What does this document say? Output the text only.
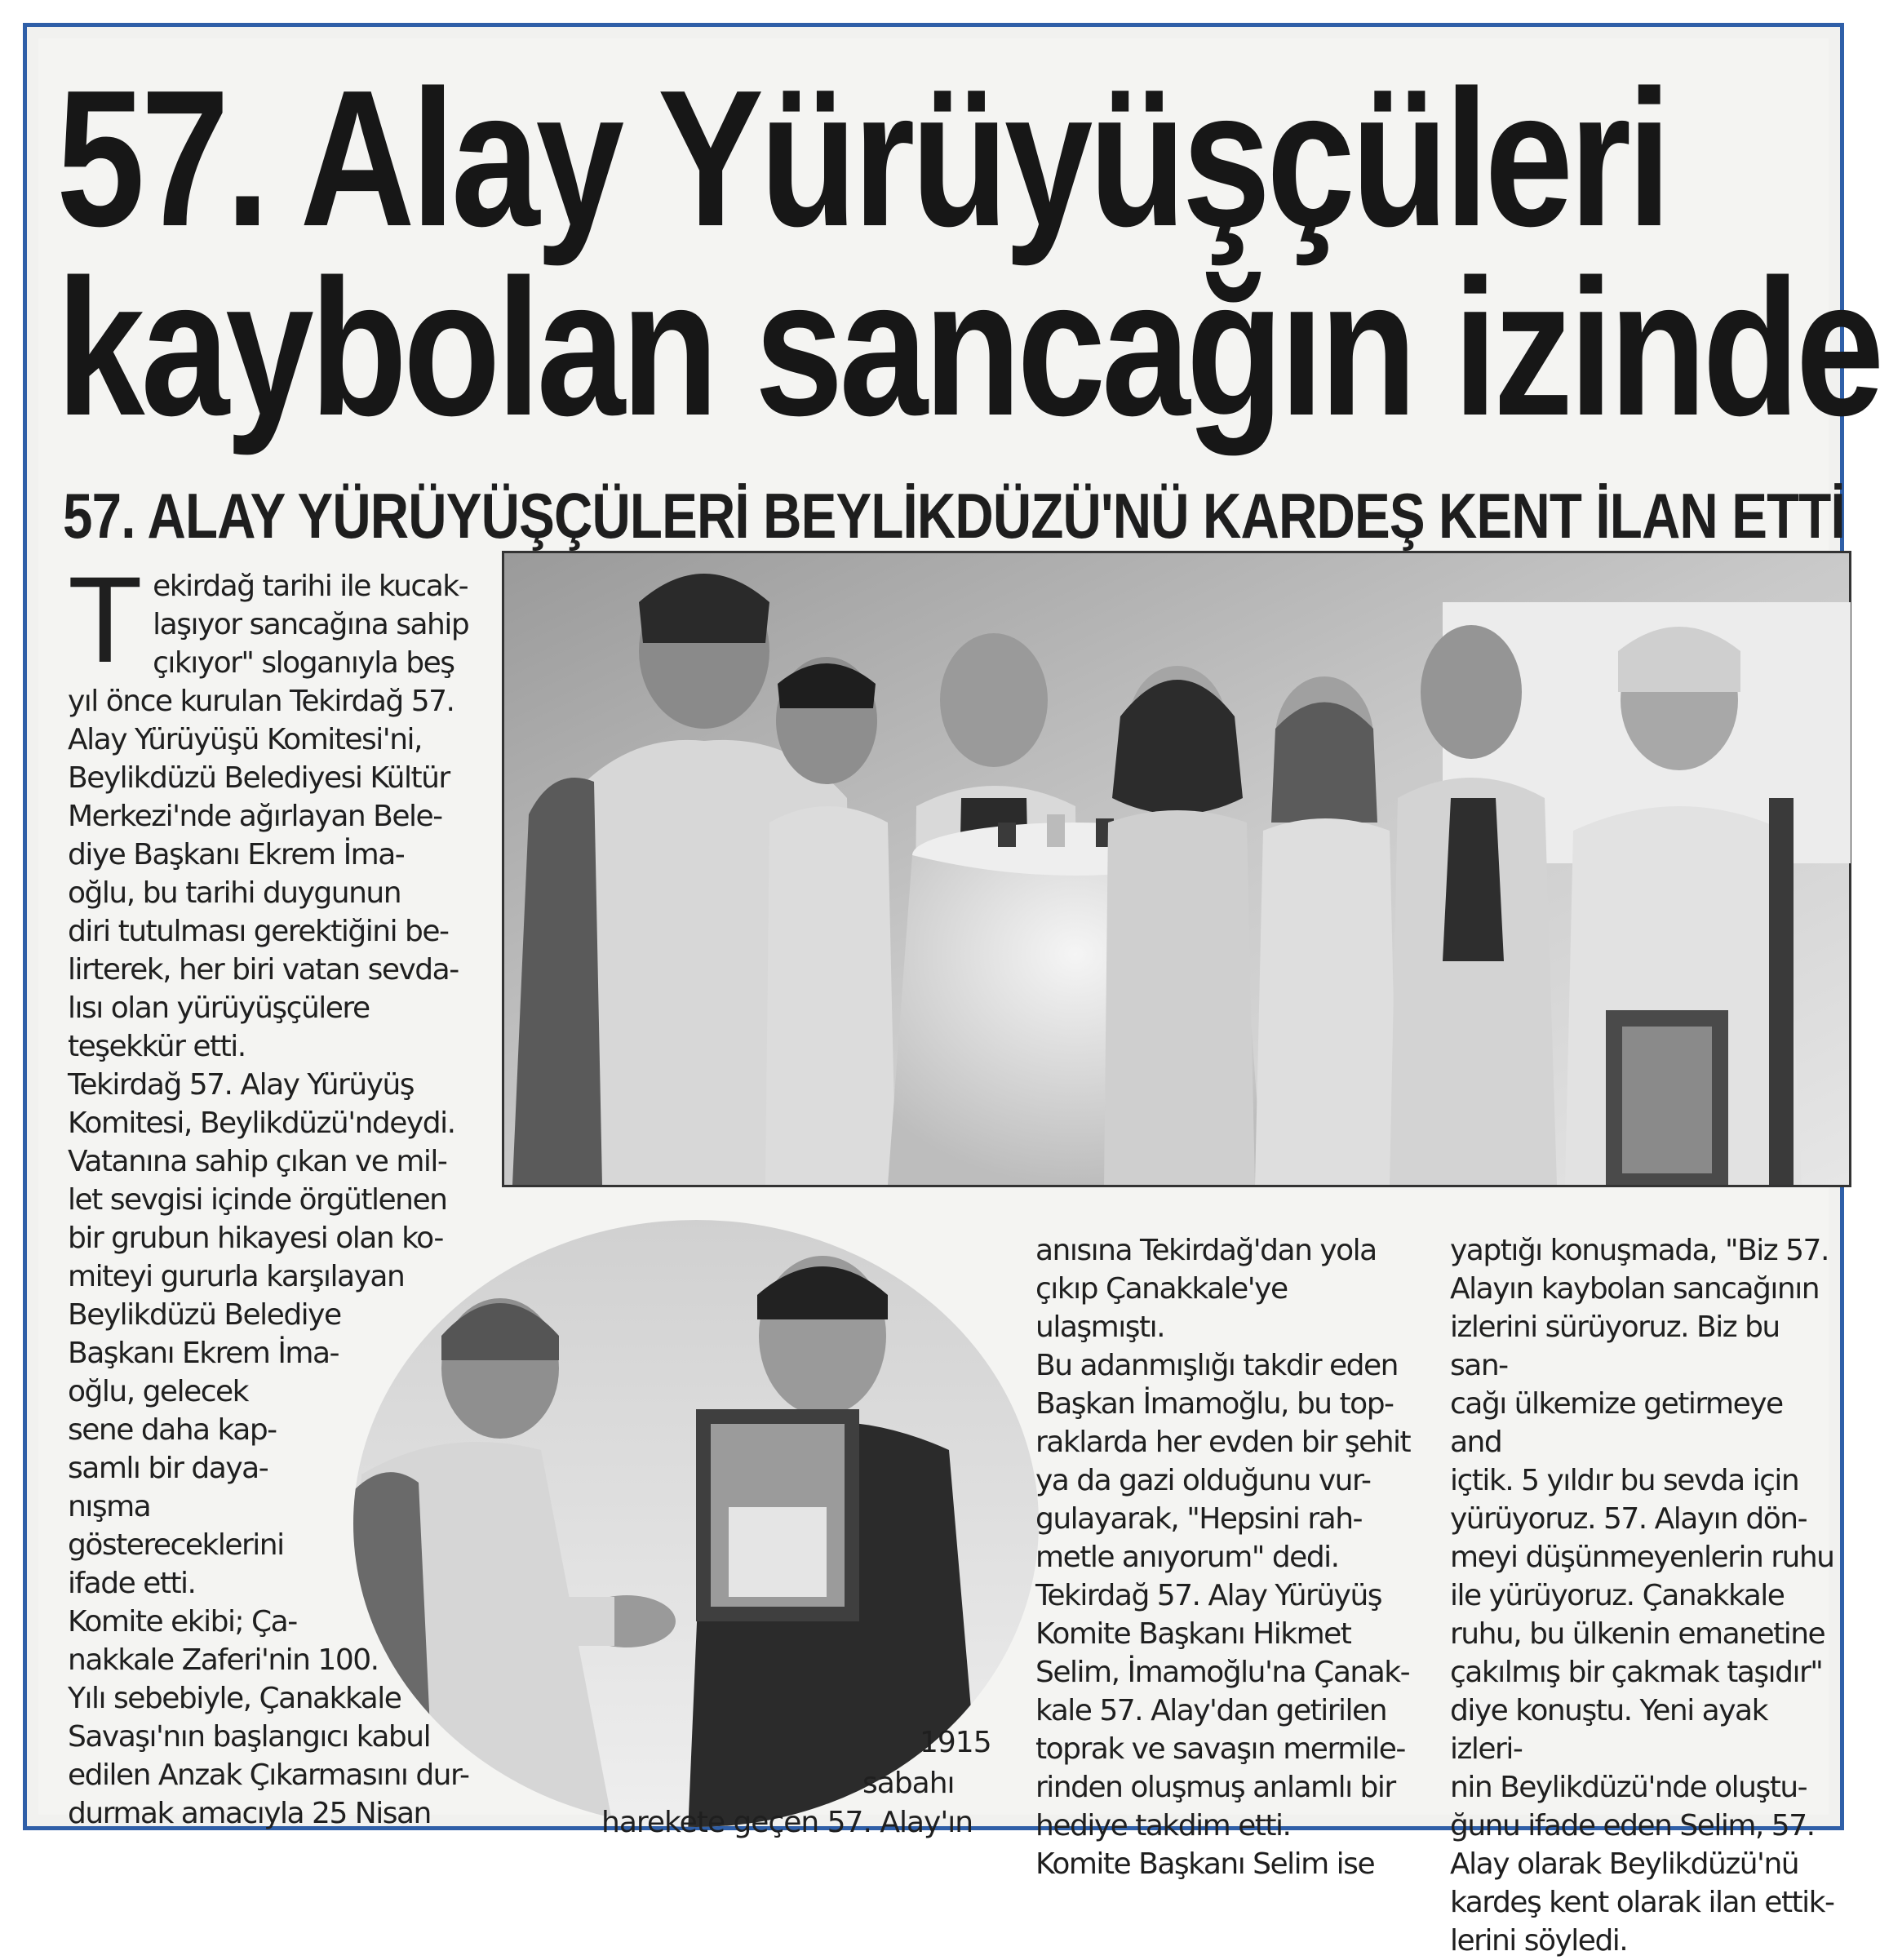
57. Alay Yürüyüşçüleri
kaybolan sancağın izinde
57. ALAY YÜRÜYÜŞÇÜLERİ BEYLİKDÜZÜ'NÜ KARDEŞ KENT İLAN ETTİ
Tekirdağ tarihi ile kucak-
laşıyor sancağına sahip
çıkıyor" sloganıyla beş
yıl önce kurulan Tekirdağ 57.
Alay Yürüyüşü Komitesi'ni,
Beylikdüzü Belediyesi Kültür
Merkezi'nde ağırlayan Bele-
diye Başkanı Ekrem İma-
oğlu, bu tarihi duygunun
diri tutulması gerektiğini be-
lirterek, her biri vatan sevda-
lısı olan yürüyüşçülere
teşekkür etti.
Tekirdağ 57. Alay Yürüyüş
Komitesi, Beylikdüzü'ndeydi.
Vatanına sahip çıkan ve mil-
let sevgisi içinde örgütlenen
bir grubun hikayesi olan ko-
miteyi gururla karşılayan
Beylikdüzü Belediye
Başkanı Ekrem İma-
oğlu, gelecek
sene daha kap-
samlı bir daya-
nışma
göstereceklerini
ifade etti.
Komite ekibi; Ça-
nakkale Zaferi'nin 100.
Yılı sebebiyle, Çanakkale
Savaşı'nın başlangıcı kabul
edilen Anzak Çıkarmasını dur-
durmak amacıyla 25 Nisan
1915
sabahı
harekete geçen 57. Alay'ın
anısına Tekirdağ'dan yola
çıkıp Çanakkale'ye ulaşmıştı.
Bu adanmışlığı takdir eden
Başkan İmamoğlu, bu top-
raklarda her evden bir şehit
ya da gazi olduğunu vur-
gulayarak, "Hepsini rah-
metle anıyorum" dedi.
Tekirdağ 57. Alay Yürüyüş
Komite Başkanı Hikmet
Selim, İmamoğlu'na Çanak-
kale 57. Alay'dan getirilen
toprak ve savaşın mermile-
rinden oluşmuş anlamlı bir
hediye takdim etti.
Komite Başkanı Selim ise
yaptığı konuşmada, "Biz 57.
Alayın kaybolan sancağının
izlerini sürüyoruz. Biz bu san-
cağı ülkemize getirmeye and
içtik. 5 yıldır bu sevda için
yürüyoruz. 57. Alayın dön-
meyi düşünmeyenlerin ruhu
ile yürüyoruz. Çanakkale
ruhu, bu ülkenin emanetine
çakılmış bir çakmak taşıdır"
diye konuştu. Yeni ayak izleri-
nin Beylikdüzü'nde oluştu-
ğunu ifade eden Selim, 57.
Alay olarak Beylikdüzü'nü
kardeş kent olarak ilan ettik-
lerini söyledi.
